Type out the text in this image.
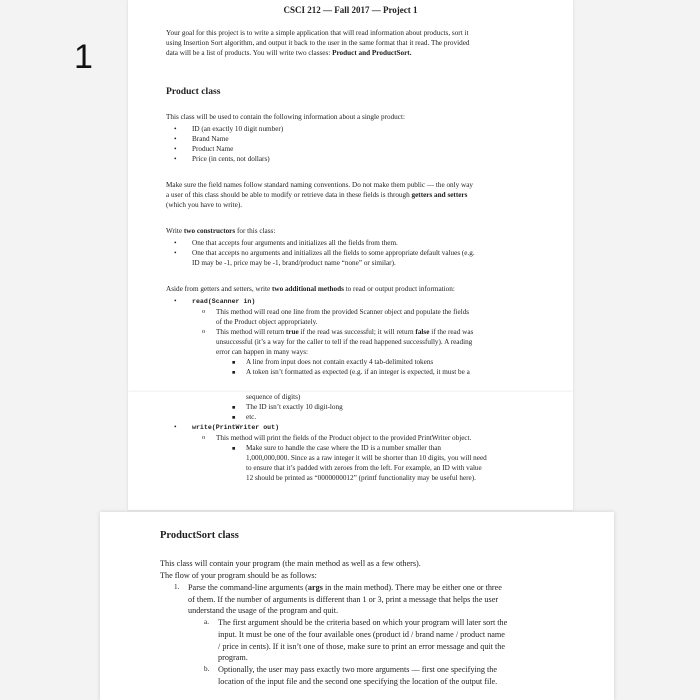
1
CSCI 212 — Fall 2017 — Project 1

Your goal for this project is to write a simple application that will read information about products, sort it

using Insertion Sort algorithm, and output it back to the user in the same format that it read. The provided

data will be a list of products. You will write two classes: Product and ProductSort.

Product class

This class will be used to contain the following information about a single product:

• ID (an exactly 10 digit number)
• Brand Name
• Product Name
• Price (in cents, not dollars)

Make sure the field names follow standard naming conventions. Do not make them public — the only way

a user of this class should be able to modify or retrieve data in these fields is through getters and setters

(which you have to write).

Write two constructors for this class:

• One that accepts four arguments and initializes all the fields from them.
• One that accepts no arguments and initializes all the fields to some appropriate default values (e.g.
ID may be -1, price may be -1, brand/product name “none” or similar).

Aside from getters and setters, write two additional methods to read or output product information:

• read(Scanner in)
o This method will read one line from the provided Scanner object and populate the fields
of the Product object appropriately.
o This method will return true if the read was successful; it will return false if the read was
unsuccessful (it’s a way for the caller to tell if the read happened successfully). A reading
error can happen in many ways:
■ A line from input does not contain exactly 4 tab-delimited tokens
■ A token isn’t formatted as expected (e.g. if an integer is expected, it must be a
sequence of digits)
■ The ID isn’t exactly 10 digit-long
■ etc.
• write(PrintWriter out)
o This method will print the fields of the Product object to the provided PrintWriter object.
■ Make sure to handle the case where the ID is a number smaller than
1,000,000,000. Since as a raw integer it will be shorter than 10 digits, you will need
to ensure that it’s padded with zeroes from the left. For example, an ID with value
12 should be printed as “0000000012” (printf functionality may be useful here).
ProductSort class

This class will contain your program (the main method as well as a few others).

The flow of your program should be as follows:

1. Parse the command-line arguments (args in the main method). There may be either one or three
of them. If the number of arguments is different than 1 or 3, print a message that helps the user
understand the usage of the program and quit.
a. The first argument should be the criteria based on which your program will later sort the
input. It must be one of the four available ones (product id / brand name / product name
/ price in cents). If it isn’t one of those, make sure to print an error message and quit the
program.
b. Optionally, the user may pass exactly two more arguments — first one specifying the
location of the input file and the second one specifying the location of the output file.
